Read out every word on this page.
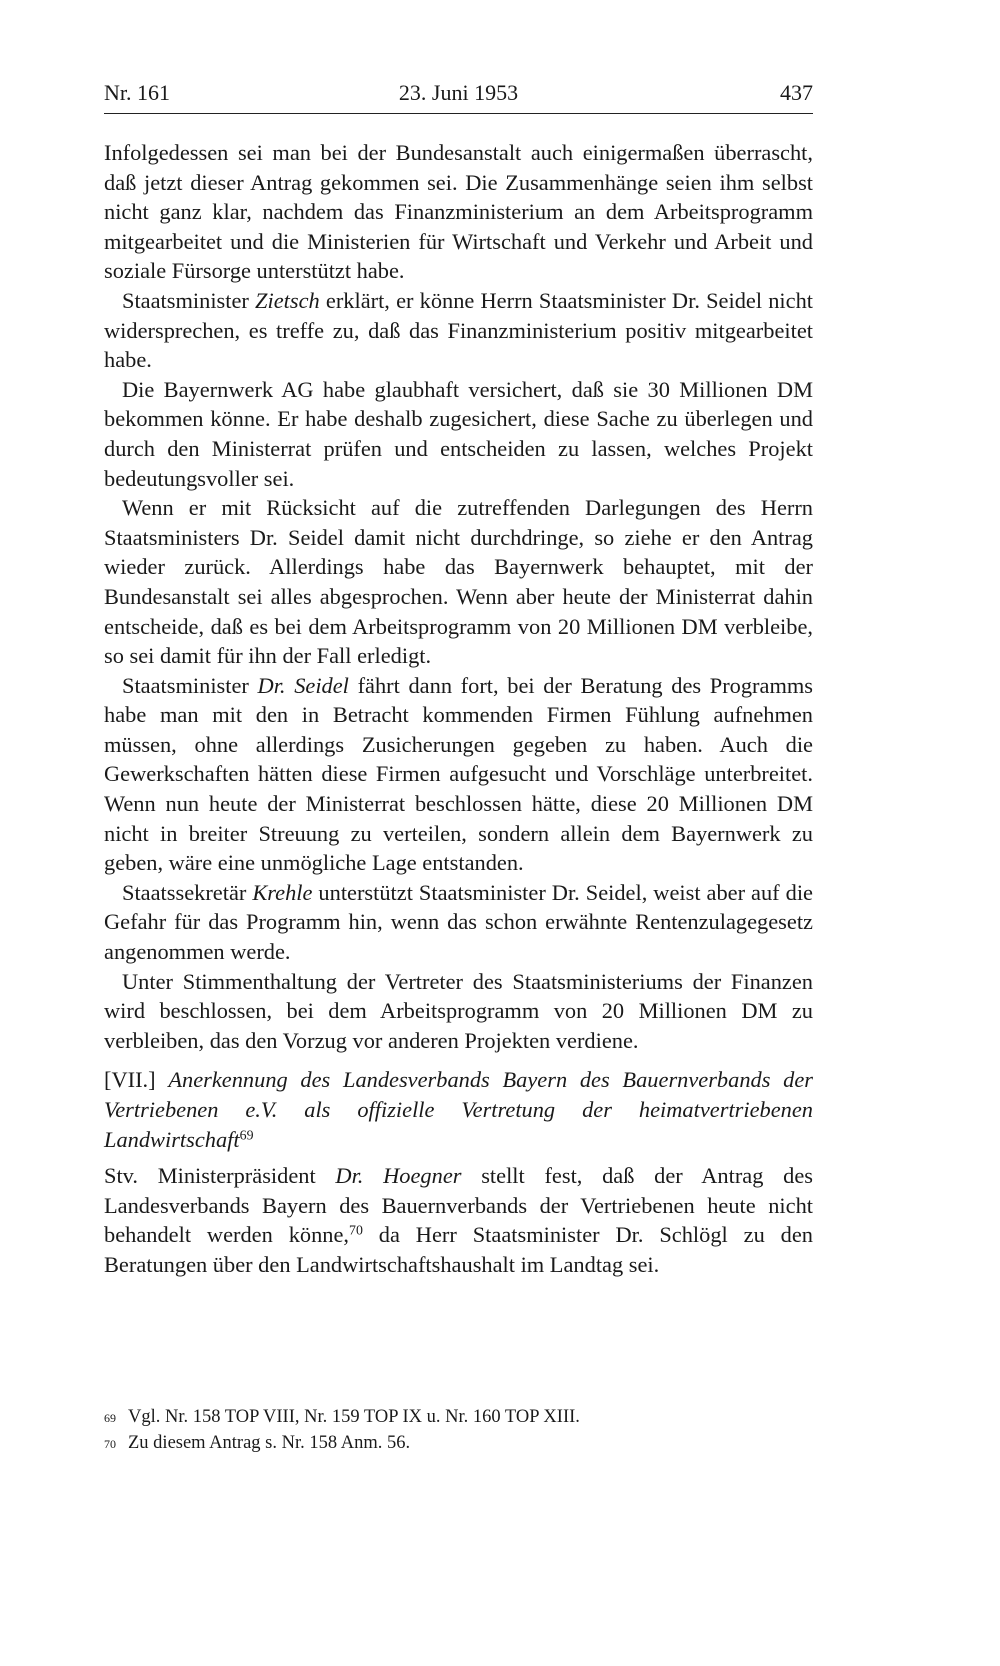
Nr. 161	23. Juni 1953	437

Infolgedessen sei man bei der Bundesanstalt auch einigermaßen überrascht, daß jetzt dieser Antrag gekommen sei. Die Zusammenhänge seien ihm selbst nicht ganz klar, nachdem das Finanzministerium an dem Arbeitsprogramm mitgearbeitet und die Ministerien für Wirtschaft und Verkehr und Arbeit und soziale Fürsorge unterstützt habe.

Staatsminister Zietsch erklärt, er könne Herrn Staatsminister Dr. Seidel nicht widersprechen, es treffe zu, daß das Finanzministerium positiv mitgearbeitet habe.

Die Bayernwerk AG habe glaubhaft versichert, daß sie 30 Millionen DM bekommen könne. Er habe deshalb zugesichert, diese Sache zu überlegen und durch den Ministerrat prüfen und entscheiden zu lassen, welches Projekt bedeutungsvoller sei.

Wenn er mit Rücksicht auf die zutreffenden Darlegungen des Herrn Staatsministers Dr. Seidel damit nicht durchdringe, so ziehe er den Antrag wieder zurück. Allerdings habe das Bayernwerk behauptet, mit der Bundesanstalt sei alles abgesprochen. Wenn aber heute der Ministerrat dahin entscheide, daß es bei dem Arbeitsprogramm von 20 Millionen DM verbleibe, so sei damit für ihn der Fall erledigt.

Staatsminister Dr. Seidel fährt dann fort, bei der Beratung des Programms habe man mit den in Betracht kommenden Firmen Fühlung aufnehmen müssen, ohne allerdings Zusicherungen gegeben zu haben. Auch die Gewerkschaften hätten diese Firmen aufgesucht und Vorschläge unterbreitet. Wenn nun heute der Ministerrat beschlossen hätte, diese 20 Millionen DM nicht in breiter Streuung zu verteilen, sondern allein dem Bayernwerk zu geben, wäre eine unmögliche Lage entstanden.

Staatssekretär Krehle unterstützt Staatsminister Dr. Seidel, weist aber auf die Gefahr für das Programm hin, wenn das schon erwähnte Rentenzulagegesetz angenommen werde.

Unter Stimmenthaltung der Vertreter des Staatsministeriums der Finanzen wird beschlossen, bei dem Arbeitsprogramm von 20 Millionen DM zu verbleiben, das den Vorzug vor anderen Projekten verdiene.

[VII.] Anerkennung des Landesverbands Bayern des Bauernverbands der Vertriebenen e.V. als offizielle Vertretung der heimatvertriebenen Landwirtschaft$^{69}$

Stv. Ministerpräsident Dr. Hoegner stellt fest, daß der Antrag des Landesverbands Bayern des Bauernverbands der Vertriebenen heute nicht behandelt werden könne,$^{70}$ da Herr Staatsminister Dr. Schlögl zu den Beratungen über den Landwirtschaftshaushalt im Landtag sei.

69 Vgl. Nr. 158 TOP VIII, Nr. 159 TOP IX u. Nr. 160 TOP XIII.
70 Zu diesem Antrag s. Nr. 158 Anm. 56.
